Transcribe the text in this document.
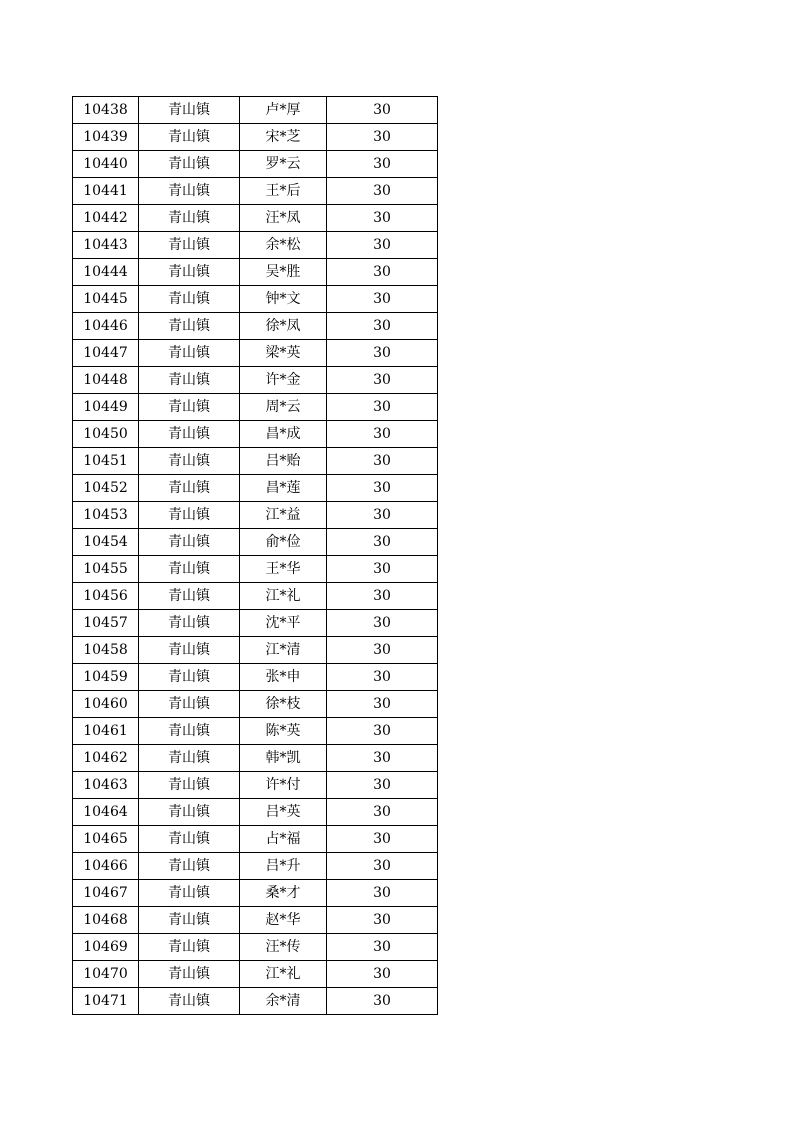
10438	青山镇	卢*厚	30
10439	青山镇	宋*芝	30
10440	青山镇	罗*云	30
10441	青山镇	王*后	30
10442	青山镇	汪*凤	30
10443	青山镇	余*松	30
10444	青山镇	吴*胜	30
10445	青山镇	钟*文	30
10446	青山镇	徐*凤	30
10447	青山镇	梁*英	30
10448	青山镇	许*金	30
10449	青山镇	周*云	30
10450	青山镇	昌*成	30
10451	青山镇	吕*贻	30
10452	青山镇	昌*莲	30
10453	青山镇	江*益	30
10454	青山镇	俞*俭	30
10455	青山镇	王*华	30
10456	青山镇	江*礼	30
10457	青山镇	沈*平	30
10458	青山镇	江*清	30
10459	青山镇	张*申	30
10460	青山镇	徐*枝	30
10461	青山镇	陈*英	30
10462	青山镇	韩*凯	30
10463	青山镇	许*付	30
10464	青山镇	吕*英	30
10465	青山镇	占*福	30
10466	青山镇	吕*升	30
10467	青山镇	桑*才	30
10468	青山镇	赵*华	30
10469	青山镇	汪*传	30
10470	青山镇	江*礼	30
10471	青山镇	余*清	30
